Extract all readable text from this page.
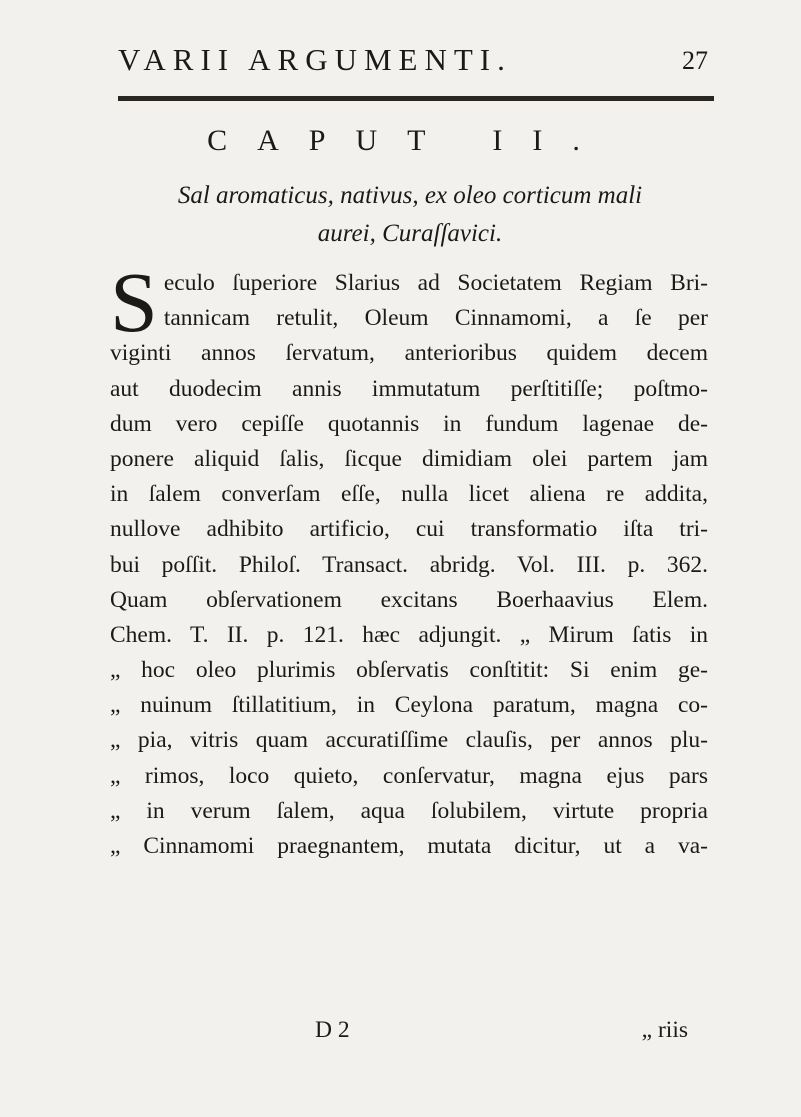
VARII ARGUMENTI.	27
CAPUT II.
Sal aromaticus, nativus, ex oleo corticum mali
aurei, Curaſſavici.
S eculo ſuperiore Slarius ad Societatem Regiam Bri-
tannicam retulit, Oleum Cinnamomi, a ſe per
viginti annos ſervatum, anterioribus quidem decem
aut duodecim annis immutatum perſtitiſſe; poſtmo-
dum vero cepiſſe quotannis in fundum lagenae de-
ponere aliquid ſalis, ſicque dimidiam olei partem jam
in ſalem converſam eſſe, nulla licet aliena re addita,
nullove adhibito artificio, cui transformatio iſta tri-
bui poſſit. Philoſ. Transact. abridg. Vol. III. p. 362.
Quam obſervationem excitans Boerhaavius Elem.
Chem. T. II. p. 121. hæc adjungit. „ Mirum ſatis in
„ hoc oleo plurimis obſervatis conſtitit: Si enim ge-
„ nuinum ſtillatitium, in Ceylona paratum, magna co-
„ pia, vitris quam accuratiſſime clauſis, per annos plu-
„ rimos, loco quieto, conſervatur, magna ejus pars
„ in verum ſalem, aqua ſolubilem, virtute propria
„ Cinnamomi praegnantem, mutata dicitur, ut a va-
D 2	„ riis
